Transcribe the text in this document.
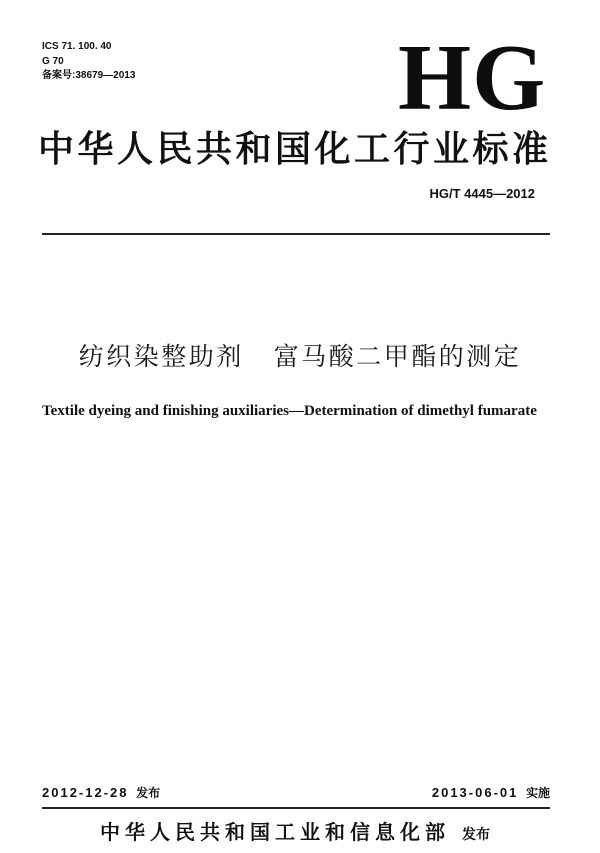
ICS 71. 100. 40
G 70
备案号:38679—2013	HG
中华人民共和国化工行业标准
HG/T 4445—2012
纺织染整助剂 富马酸二甲酯的测定
Textile dyeing and finishing auxiliaries—Determination of dimethyl fumarate
2012-12-28 发布	2013-06-01 实施
中华人民共和国工业和信息化部 发布
